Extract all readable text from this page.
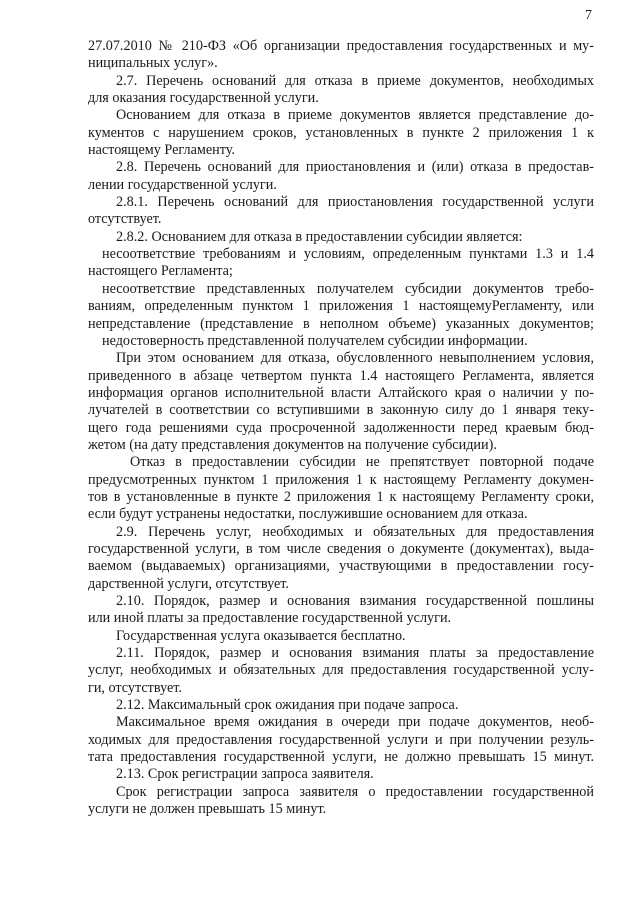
7
27.07.2010 № 210-ФЗ «Об организации предоставления государственных и му-
ниципальных услуг».
2.7. Перечень оснований для отказа в приеме документов, необходимых
для оказания государственной услуги.
Основанием для отказа в приеме документов является представление до-
кументов с нарушением сроков, установленных в пункте 2 приложения 1 к
настоящему Регламенту.
2.8. Перечень оснований для приостановления и (или) отказа в предостав-
лении государственной услуги.
2.8.1. Перечень оснований для приостановления государственной услуги
отсутствует.
2.8.2. Основанием для отказа в предоставлении субсидии является:
несоответствие требованиям и условиям, определенным пунктами 1.3 и 1.4
настоящего Регламента;
несоответствие представленных получателем субсидии документов требо-
ваниям, определенным пунктом 1 приложения 1 настоящемуРегламенту, или
непредставление (представление в неполном объеме) указанных документов;
недостоверность представленной получателем субсидии информации.
При этом основанием для отказа, обусловленного невыполнением условия,
приведенного в абзаце четвертом пункта 1.4 настоящего Регламента, является
информация органов исполнительной власти Алтайского края о наличии у по-
лучателей в соответствии со вступившими в законную силу до 1 января теку-
щего года решениями суда просроченной задолженности перед краевым бюд-
жетом (на дату представления документов на получение субсидии).
Отказ в предоставлении субсидии не препятствует повторной подаче
предусмотренных пунктом 1 приложения 1 к настоящему Регламенту докумен-
тов в установленные в пункте 2 приложения 1 к настоящему Регламенту сроки,
если будут устранены недостатки, послужившие основанием для отказа.
2.9. Перечень услуг, необходимых и обязательных для предоставления
государственной услуги, в том числе сведения о документе (документах), выда-
ваемом (выдаваемых) организациями, участвующими в предоставлении госу-
дарственной услуги, отсутствует.
2.10. Порядок, размер и основания взимания государственной пошлины
или иной платы за предоставление государственной услуги.
Государственная услуга оказывается бесплатно.
2.11. Порядок, размер и основания взимания платы за предоставление
услуг, необходимых и обязательных для предоставления государственной услу-
ги, отсутствует.
2.12. Максимальный срок ожидания при подаче запроса.
Максимальное время ожидания в очереди при подаче документов, необ-
ходимых для предоставления государственной услуги и при получении резуль-
тата предоставления государственной услуги, не должно превышать 15 минут.
2.13. Срок регистрации запроса заявителя.
Срок регистрации запроса заявителя о предоставлении государственной
услуги не должен превышать 15 минут.
